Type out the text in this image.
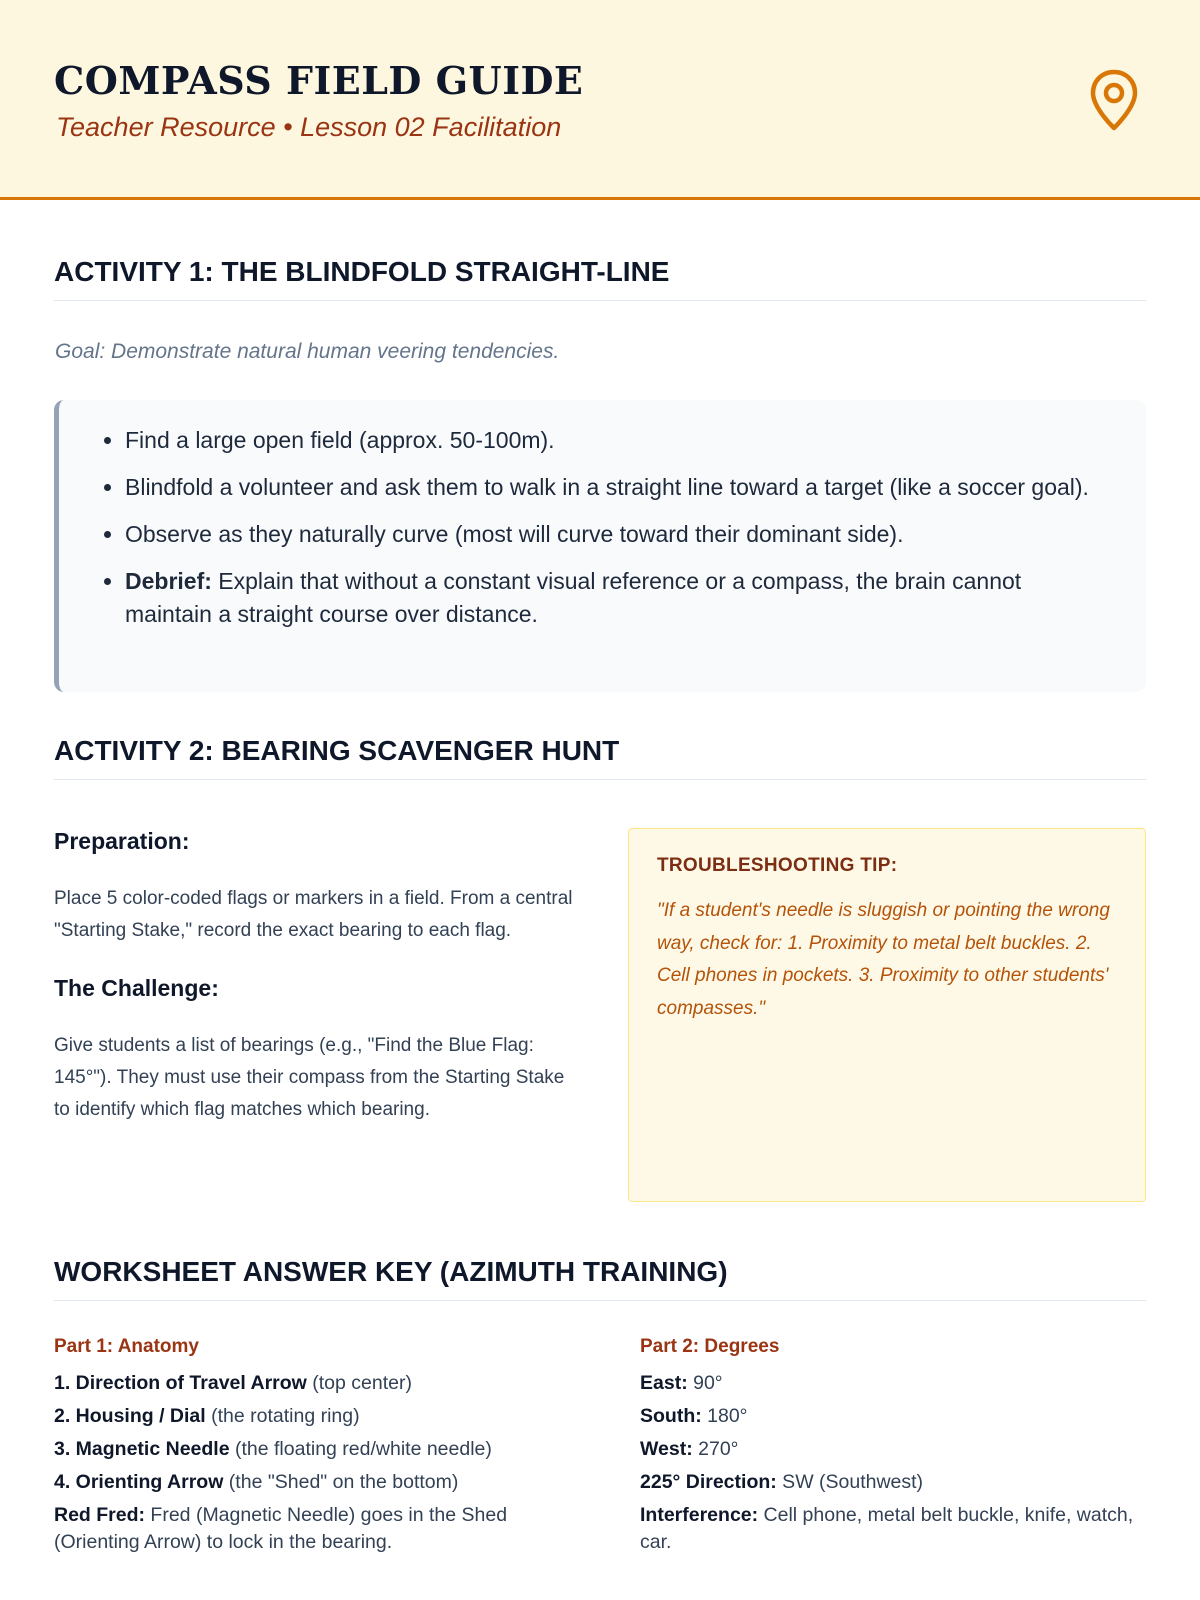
COMPASS FIELD GUIDE
Teacher Resource • Lesson 02 Facilitation
ACTIVITY 1: THE BLINDFOLD STRAIGHT-LINE
Goal: Demonstrate natural human veering tendencies.
• Find a large open field (approx. 50-100m).
• Blindfold a volunteer and ask them to walk in a straight line toward a target (like a soccer goal).
• Observe as they naturally curve (most will curve toward their dominant side).
• Debrief: Explain that without a constant visual reference or a compass, the brain cannot maintain a straight course over distance.
ACTIVITY 2: BEARING SCAVENGER HUNT
Preparation:

Place 5 color-coded flags or markers in a field. From a central "Starting Stake," record the exact bearing to each flag.

The Challenge:

Give students a list of bearings (e.g., "Find the Blue Flag: 145°"). They must use their compass from the Starting Stake to identify which flag matches which bearing.

TROUBLESHOOTING TIP:
"If a student's needle is sluggish or pointing the wrong way, check for: 1. Proximity to metal belt buckles. 2. Cell phones in pockets. 3. Proximity to other students' compasses."
WORKSHEET ANSWER KEY (AZIMUTH TRAINING)
Part 1: Anatomy
1. Direction of Travel Arrow (top center)
2. Housing / Dial (the rotating ring)
3. Magnetic Needle (the floating red/white needle)
4. Orienting Arrow (the "Shed" on the bottom)
Red Fred: Fred (Magnetic Needle) goes in the Shed (Orienting Arrow) to lock in the bearing.
Part 2: Degrees
East: 90°
South: 180°
West: 270°
225° Direction: SW (Southwest)
Interference: Cell phone, metal belt buckle, knife, watch, car.
